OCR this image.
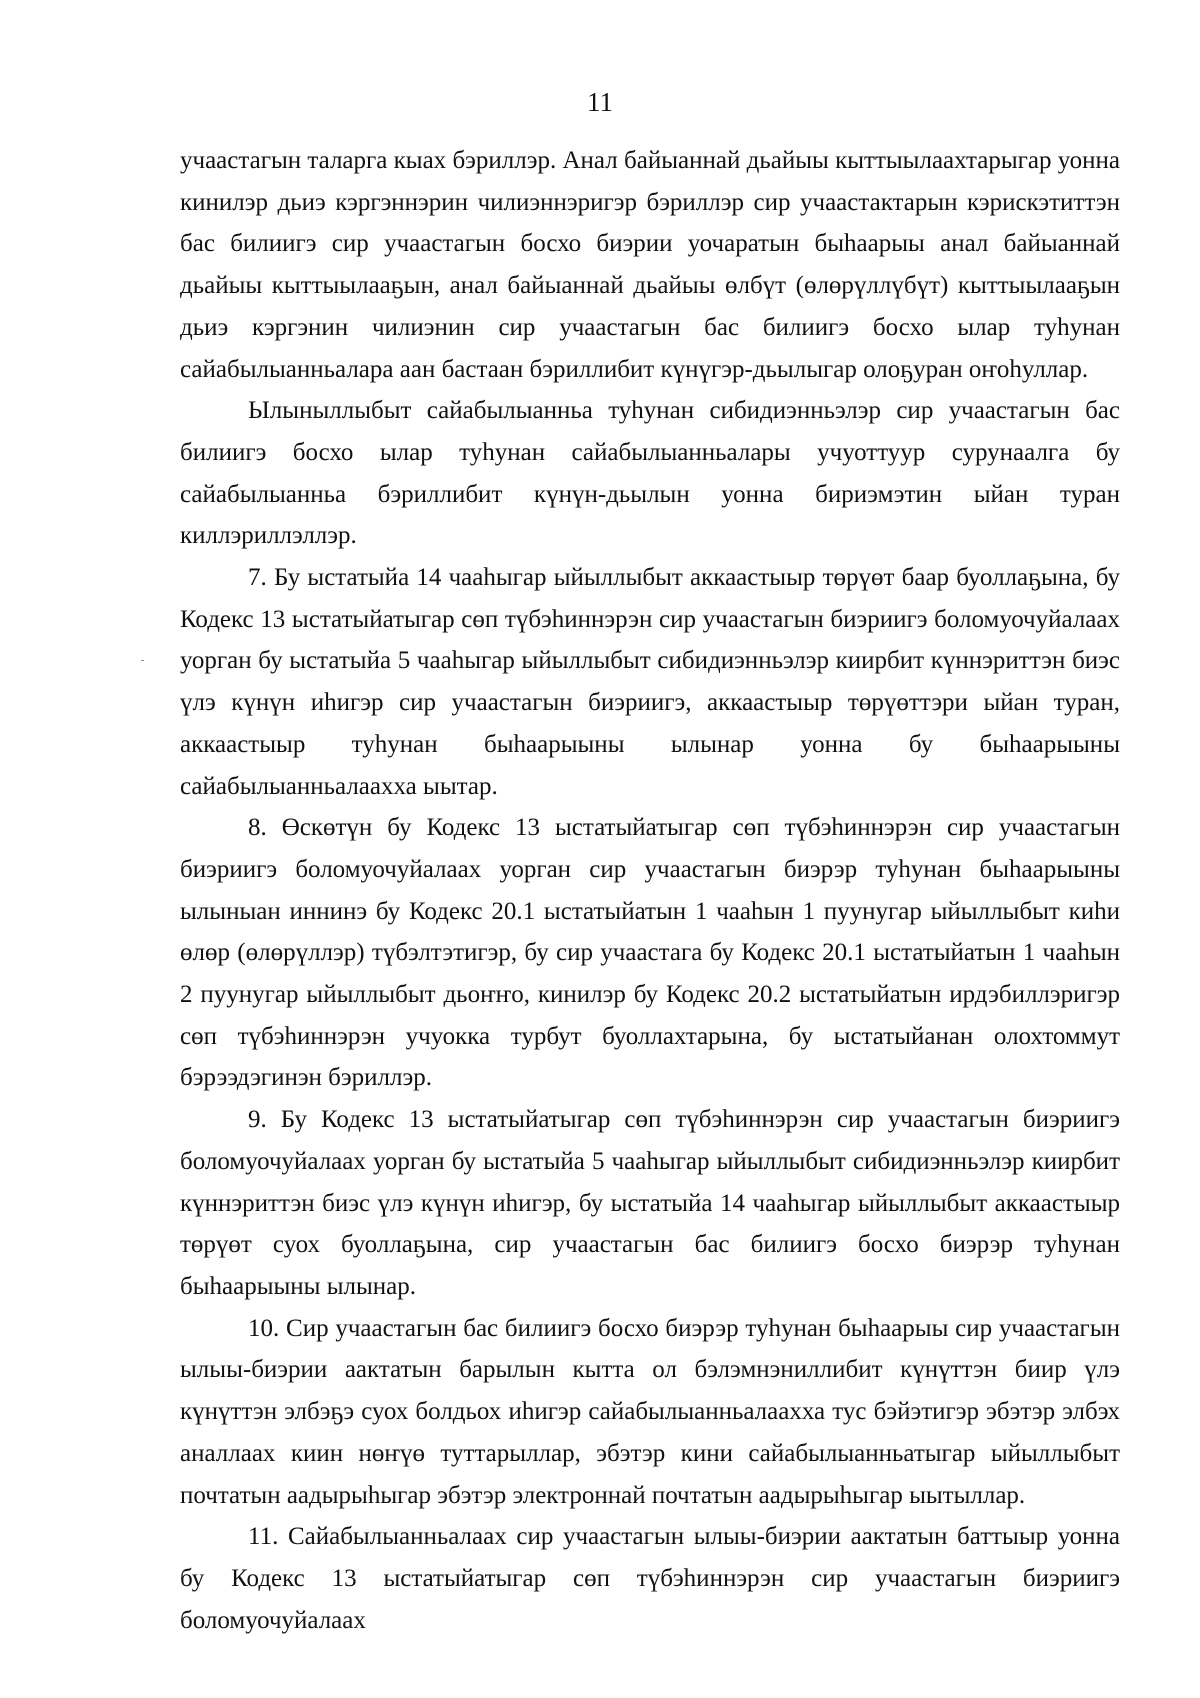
11

учаастагын таларга кыах бэриллэр. Анал байыаннай дьайыы кыттыылаахтарыгар уонна кинилэр дьиэ кэргэннэрин чилиэннэригэр бэриллэр сир учаастактарын кэрискэтиттэн бас билиигэ сир учаастагын босхо биэрии уочаратын быһаарыы анал байыаннай дьайыы кыттыылааҕын, анал байыаннай дьайыы өлбүт (өлөрүллүбүт) кыттыылааҕын дьиэ кэргэнин чилиэнин сир учаастагын бас билиигэ босхо ылар туһунан сайабылыанньалара аан бастаан бэриллибит күнүгэр-дьылыгар олоҕуран оҥоһуллар.

Ылыныллыбыт сайабылыанньа туһунан сибидиэнньэлэр сир учаастагын бас билиигэ босхо ылар туһунан сайабылыанньалары учуоттуур сурунаалга бу сайабылыанньа бэриллибит күнүн-дьылын уонна бириэмэтин ыйан туран киллэриллэллэр.

7. Бу ыстатыйа 14 чааһыгар ыйыллыбыт аккаастыыр төрүөт баар буоллаҕына, бу Кодекс 13 ыстатыйатыгар сөп түбэһиннэрэн сир учаастагын биэриигэ боломуочуйалаах уорган бу ыстатыйа 5 чааһыгар ыйыллыбыт сибидиэнньэлэр киирбит күннэриттэн биэс үлэ күнүн иһигэр сир учаастагын биэриигэ, аккаастыыр төрүөттэри ыйан туран, аккаастыыр туһунан быһаарыыны ылынар уонна бу быһаарыыны сайабылыанньалаахха ыытар.

8. Өскөтүн бу Кодекс 13 ыстатыйатыгар сөп түбэһиннэрэн сир учаастагын биэриигэ боломуочуйалаах уорган сир учаастагын биэрэр туһунан быһаарыыны ылыныан иннинэ бу Кодекс 20.1 ыстатыйатын 1 чааһын 1 пуунугар ыйыллыбыт киһи өлөр (өлөрүллэр) түбэлтэтигэр, бу сир учаастага бу Кодекс 20.1 ыстатыйатын 1 чааһын 2 пуунугар ыйыллыбыт дьоҥҥо, кинилэр бу Кодекс 20.2 ыстатыйатын ирдэбиллэригэр сөп түбэһиннэрэн учуокка турбут буоллахтарына, бу ыстатыйанан олохтоммут бэрээдэгинэн бэриллэр.

9. Бу Кодекс 13 ыстатыйатыгар сөп түбэһиннэрэн сир учаастагын биэриигэ боломуочуйалаах уорган бу ыстатыйа 5 чааһыгар ыйыллыбыт сибидиэнньэлэр киирбит күннэриттэн биэс үлэ күнүн иһигэр, бу ыстатыйа 14 чааһыгар ыйыллыбыт аккаастыыр төрүөт суох буоллаҕына, сир учаастагын бас билиигэ босхо биэрэр туһунан быһаарыыны ылынар.

10. Сир учаастагын бас билиигэ босхо биэрэр туһунан быһаарыы сир учаастагын ылыы-биэрии аактатын барылын кытта ол бэлэмнэниллибит күнүттэн биир үлэ күнүттэн элбэҕэ суох болдьох иһигэр сайабылыанньалаахха тус бэйэтигэр эбэтэр элбэх аналлаах киин нөҥүө туттарыллар, эбэтэр кини сайабылыанньатыгар ыйыллыбыт почтатын аадырыһыгар эбэтэр электроннай почтатын аадырыһыгар ыытыллар.

11. Сайабылыанньалаах сир учаастагын ылыы-биэрии аактатын баттыыр уонна бу Кодекс 13 ыстатыйатыгар сөп түбэһиннэрэн сир учаастагын биэриигэ боломуочуйалаах
